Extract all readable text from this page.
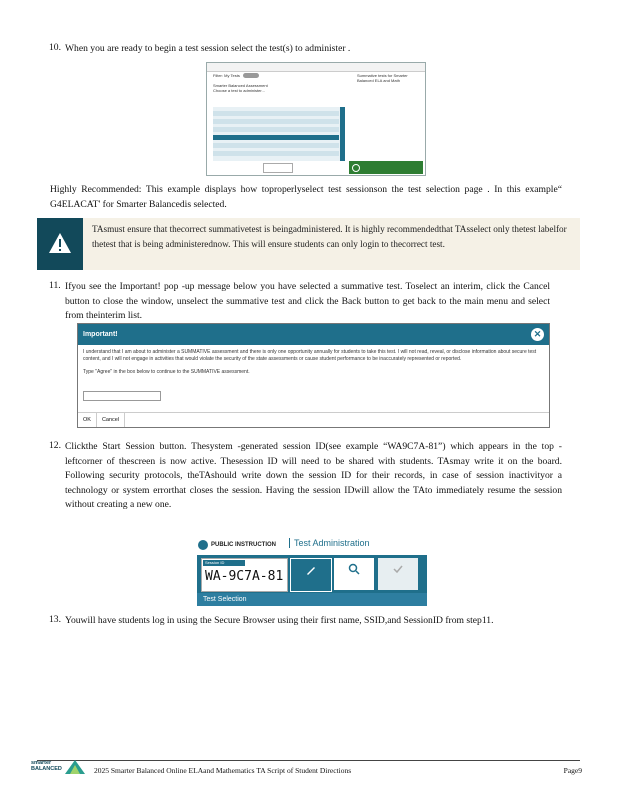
10. When you are ready to begin a test session select the test(s) to administer .
Filter: My Tests
Smarter Balanced Assessment
Choose a test to administer...
Summative tests for Smarter Balanced ELA and Math
Highly Recommended: This example displays how toproperlyselect test sessionson the test selection page . In this example“ G4ELACAT' for Smarter Balancedis selected.
TAsmust ensure that thecorrect summativetest is beingadministered. It is highly recommendedthat TAsselect only thetest labelfor thetest that is being administerednow. This will ensure students can only login to thecorrect test.
11. Ifyou see the Important! pop -up message below you have selected a summative test. Toselect an interim, click the Cancel button to close the window, unselect the summative test and click the Back button to get back to the main menu and select from theinterim list.
Important!	✕
I understand that I am about to administer a SUMMATIVE assessment and there is only one opportunity annually for students to take this test. I will not read, reveal, or disclose information about secure test content, and I will not engage in activities that would violate the security of the state assessments or cause student performance to be inaccurately represented or reported.
Type "Agree" in the box below to continue to the SUMMATIVE assessment.
OK Cancel
12. Clickthe Start Session button. Thesystem -generated session ID(see example “WA9C7A-81”) which appears in the top -leftcorner of thescreen is now active. Thesession ID will need to be shared with students. TAsmay write it on the board. Following security protocols, theTAshould write down the session ID for their records, in case of session inactivityor a technology or system errorthat closes the session. Having the session IDwill allow the TAto immediately resume the session without creating a new one.
PUBLIC INSTRUCTION	Test Administration
Session ID
WA-9C7A-81
Test Selection
13. Youwill have students log in using the Secure Browser using their first name, SSID,and SessionID from step11.
smarter BALANCED	2025 Smarter Balanced Online ELAand Mathematics TA Script of Student Directions	Page9
